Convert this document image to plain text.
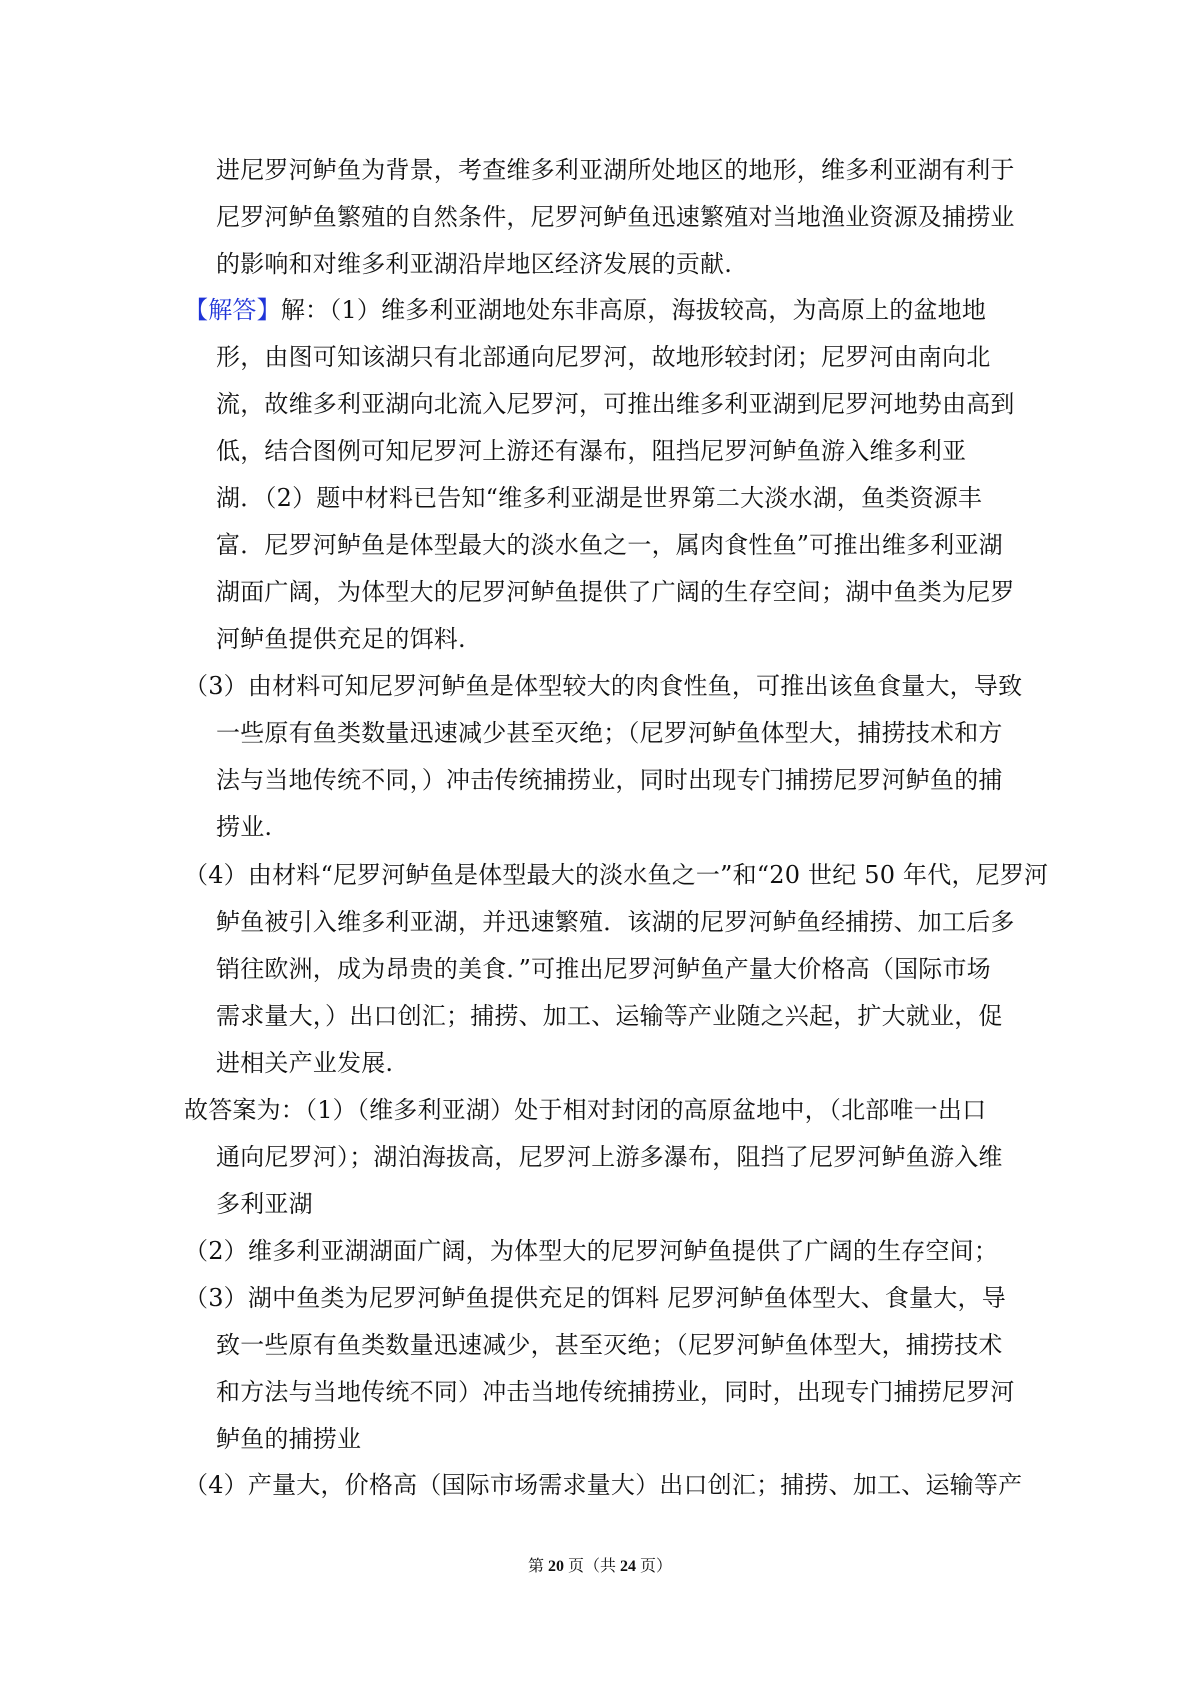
进尼罗河鲈鱼为背景，考查维多利亚湖所处地区的地形，维多利亚湖有利于
尼罗河鲈鱼繁殖的自然条件，尼罗河鲈鱼迅速繁殖对当地渔业资源及捕捞业
的影响和对维多利亚湖沿岸地区经济发展的贡献.
【解答】解：（1）维多利亚湖地处东非高原，海拔较高，为高原上的盆地地
形，由图可知该湖只有北部通向尼罗河，故地形较封闭；尼罗河由南向北
流，故维多利亚湖向北流入尼罗河，可推出维多利亚湖到尼罗河地势由高到
低，结合图例可知尼罗河上游还有瀑布，阻挡尼罗河鲈鱼游入维多利亚
湖．（2）题中材料已告知“维多利亚湖是世界第二大淡水湖，鱼类资源丰
富．尼罗河鲈鱼是体型最大的淡水鱼之一，属肉食性鱼”可推出维多利亚湖
湖面广阔，为体型大的尼罗河鲈鱼提供了广阔的生存空间；湖中鱼类为尼罗
河鲈鱼提供充足的饵料.
（3）由材料可知尼罗河鲈鱼是体型较大的肉食性鱼，可推出该鱼食量大，导致
一些原有鱼类数量迅速减少甚至灭绝；（尼罗河鲈鱼体型大，捕捞技术和方
法与当地传统不同，）冲击传统捕捞业，同时出现专门捕捞尼罗河鲈鱼的捕
捞业.
（4）由材料“尼罗河鲈鱼是体型最大的淡水鱼之一”和“20 世纪 50 年代，尼罗河
鲈鱼被引入维多利亚湖，并迅速繁殖．该湖的尼罗河鲈鱼经捕捞、加工后多
销往欧洲，成为昂贵的美食．”可推出尼罗河鲈鱼产量大价格高（国际市场
需求量大，）出口创汇；捕捞、加工、运输等产业随之兴起，扩大就业，促
进相关产业发展.
故答案为：（1）（维多利亚湖）处于相对封闭的高原盆地中，（北部唯一出口
通向尼罗河）；湖泊海拔高，尼罗河上游多瀑布，阻挡了尼罗河鲈鱼游入维
多利亚湖
（2）维多利亚湖湖面广阔，为体型大的尼罗河鲈鱼提供了广阔的生存空间；
（3）湖中鱼类为尼罗河鲈鱼提供充足的饵料 尼罗河鲈鱼体型大、食量大，导
致一些原有鱼类数量迅速减少，甚至灭绝；（尼罗河鲈鱼体型大，捕捞技术
和方法与当地传统不同）冲击当地传统捕捞业，同时，出现专门捕捞尼罗河
鲈鱼的捕捞业
（4）产量大，价格高（国际市场需求量大）出口创汇；捕捞、加工、运输等产
第 20 页（共 24 页）
